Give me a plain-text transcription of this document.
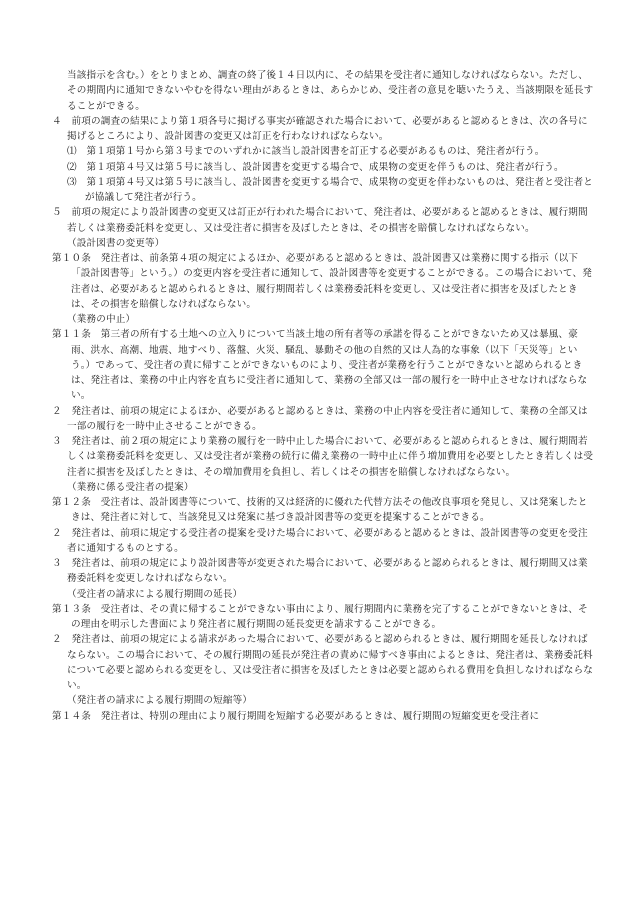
当該指示を含む。）をとりまとめ、調査の終了後１４日以内に、その結果を受注者に通知しなければならない。ただし、その期間内に通知できないやむを得ない理由があるときは、あらかじめ、受注者の意見を聴いたうえ、当該期限を延長することができる。

４　前項の調査の結果により第１項各号に掲げる事実が確認された場合において、必要があると認めるときは、次の各号に掲げるところにより、設計図書の変更又は訂正を行わなければならない。

⑴　第１項第１号から第３号までのいずれかに該当し設計図書を訂正する必要があるものは、発注者が行う。

⑵　第１項第４号又は第５号に該当し、設計図書を変更する場合で、成果物の変更を伴うものは、発注者が行う。

⑶　第１項第４号又は第５号に該当し、設計図書を変更する場合で、成果物の変更を伴わないものは、発注者と受注者とが協議して発注者が行う。

５　前項の規定により設計図書の変更又は訂正が行われた場合において、発注者は、必要があると認めるときは、履行期間若しくは業務委託料を変更し、又は受注者に損害を及ぼしたときは、その損害を賠償しなければならない。

（設計図書の変更等）

第１０条　発注者は、前条第４項の規定によるほか、必要があると認めるときは、設計図書又は業務に関する指示（以下「設計図書等」という。）の変更内容を受注者に通知して、設計図書等を変更することができる。この場合において、発注者は、必要があると認められるときは、履行期間若しくは業務委託料を変更し、又は受注者に損害を及ぼしたときは、その損害を賠償しなければならない。

（業務の中止）

第１１条　第三者の所有する土地への立入りについて当該土地の所有者等の承諾を得ることができないため又は暴風、豪雨、洪水、高潮、地震、地すべり、落盤、火災、騒乱、暴動その他の自然的又は人為的な事象（以下「天災等」という。）であって、受注者の責に帰すことができないものにより、受注者が業務を行うことができないと認められるときは、発注者は、業務の中止内容を直ちに受注者に通知して、業務の全部又は一部の履行を一時中止させなければならない。

２　発注者は、前項の規定によるほか、必要があると認めるときは、業務の中止内容を受注者に通知して、業務の全部又は一部の履行を一時中止させることができる。

３　発注者は、前２項の規定により業務の履行を一時中止した場合において、必要があると認められるときは、履行期間若しくは業務委託料を変更し、又は受注者が業務の続行に備え業務の一時中止に伴う増加費用を必要としたとき若しくは受注者に損害を及ぼしたときは、その増加費用を負担し、若しくはその損害を賠償しなければならない。

（業務に係る受注者の提案）

第１２条　受注者は、設計図書等について、技術的又は経済的に優れた代替方法その他改良事項を発見し、又は発案したときは、発注者に対して、当該発見又は発案に基づき設計図書等の変更を提案することができる。

２　発注者は、前項に規定する受注者の提案を受けた場合において、必要があると認めるときは、設計図書等の変更を受注者に通知するものとする。

３　発注者は、前項の規定により設計図書等が変更された場合において、必要があると認められるときは、履行期間又は業務委託料を変更しなければならない。

（受注者の請求による履行期間の延長）

第１３条　受注者は、その責に帰することができない事由により、履行期間内に業務を完了することができないときは、その理由を明示した書面により発注者に履行期間の延長変更を請求することができる。

２　発注者は、前項の規定による請求があった場合において、必要があると認められるときは、履行期間を延長しなければならない。この場合において、その履行期間の延長が発注者の責めに帰すべき事由によるときは、発注者は、業務委託料について必要と認められる変更をし、又は受注者に損害を及ぼしたときは必要と認められる費用を負担しなければならない。

（発注者の請求による履行期間の短縮等）

第１４条　発注者は、特別の理由により履行期間を短縮する必要があるときは、履行期間の短縮変更を受注者に
